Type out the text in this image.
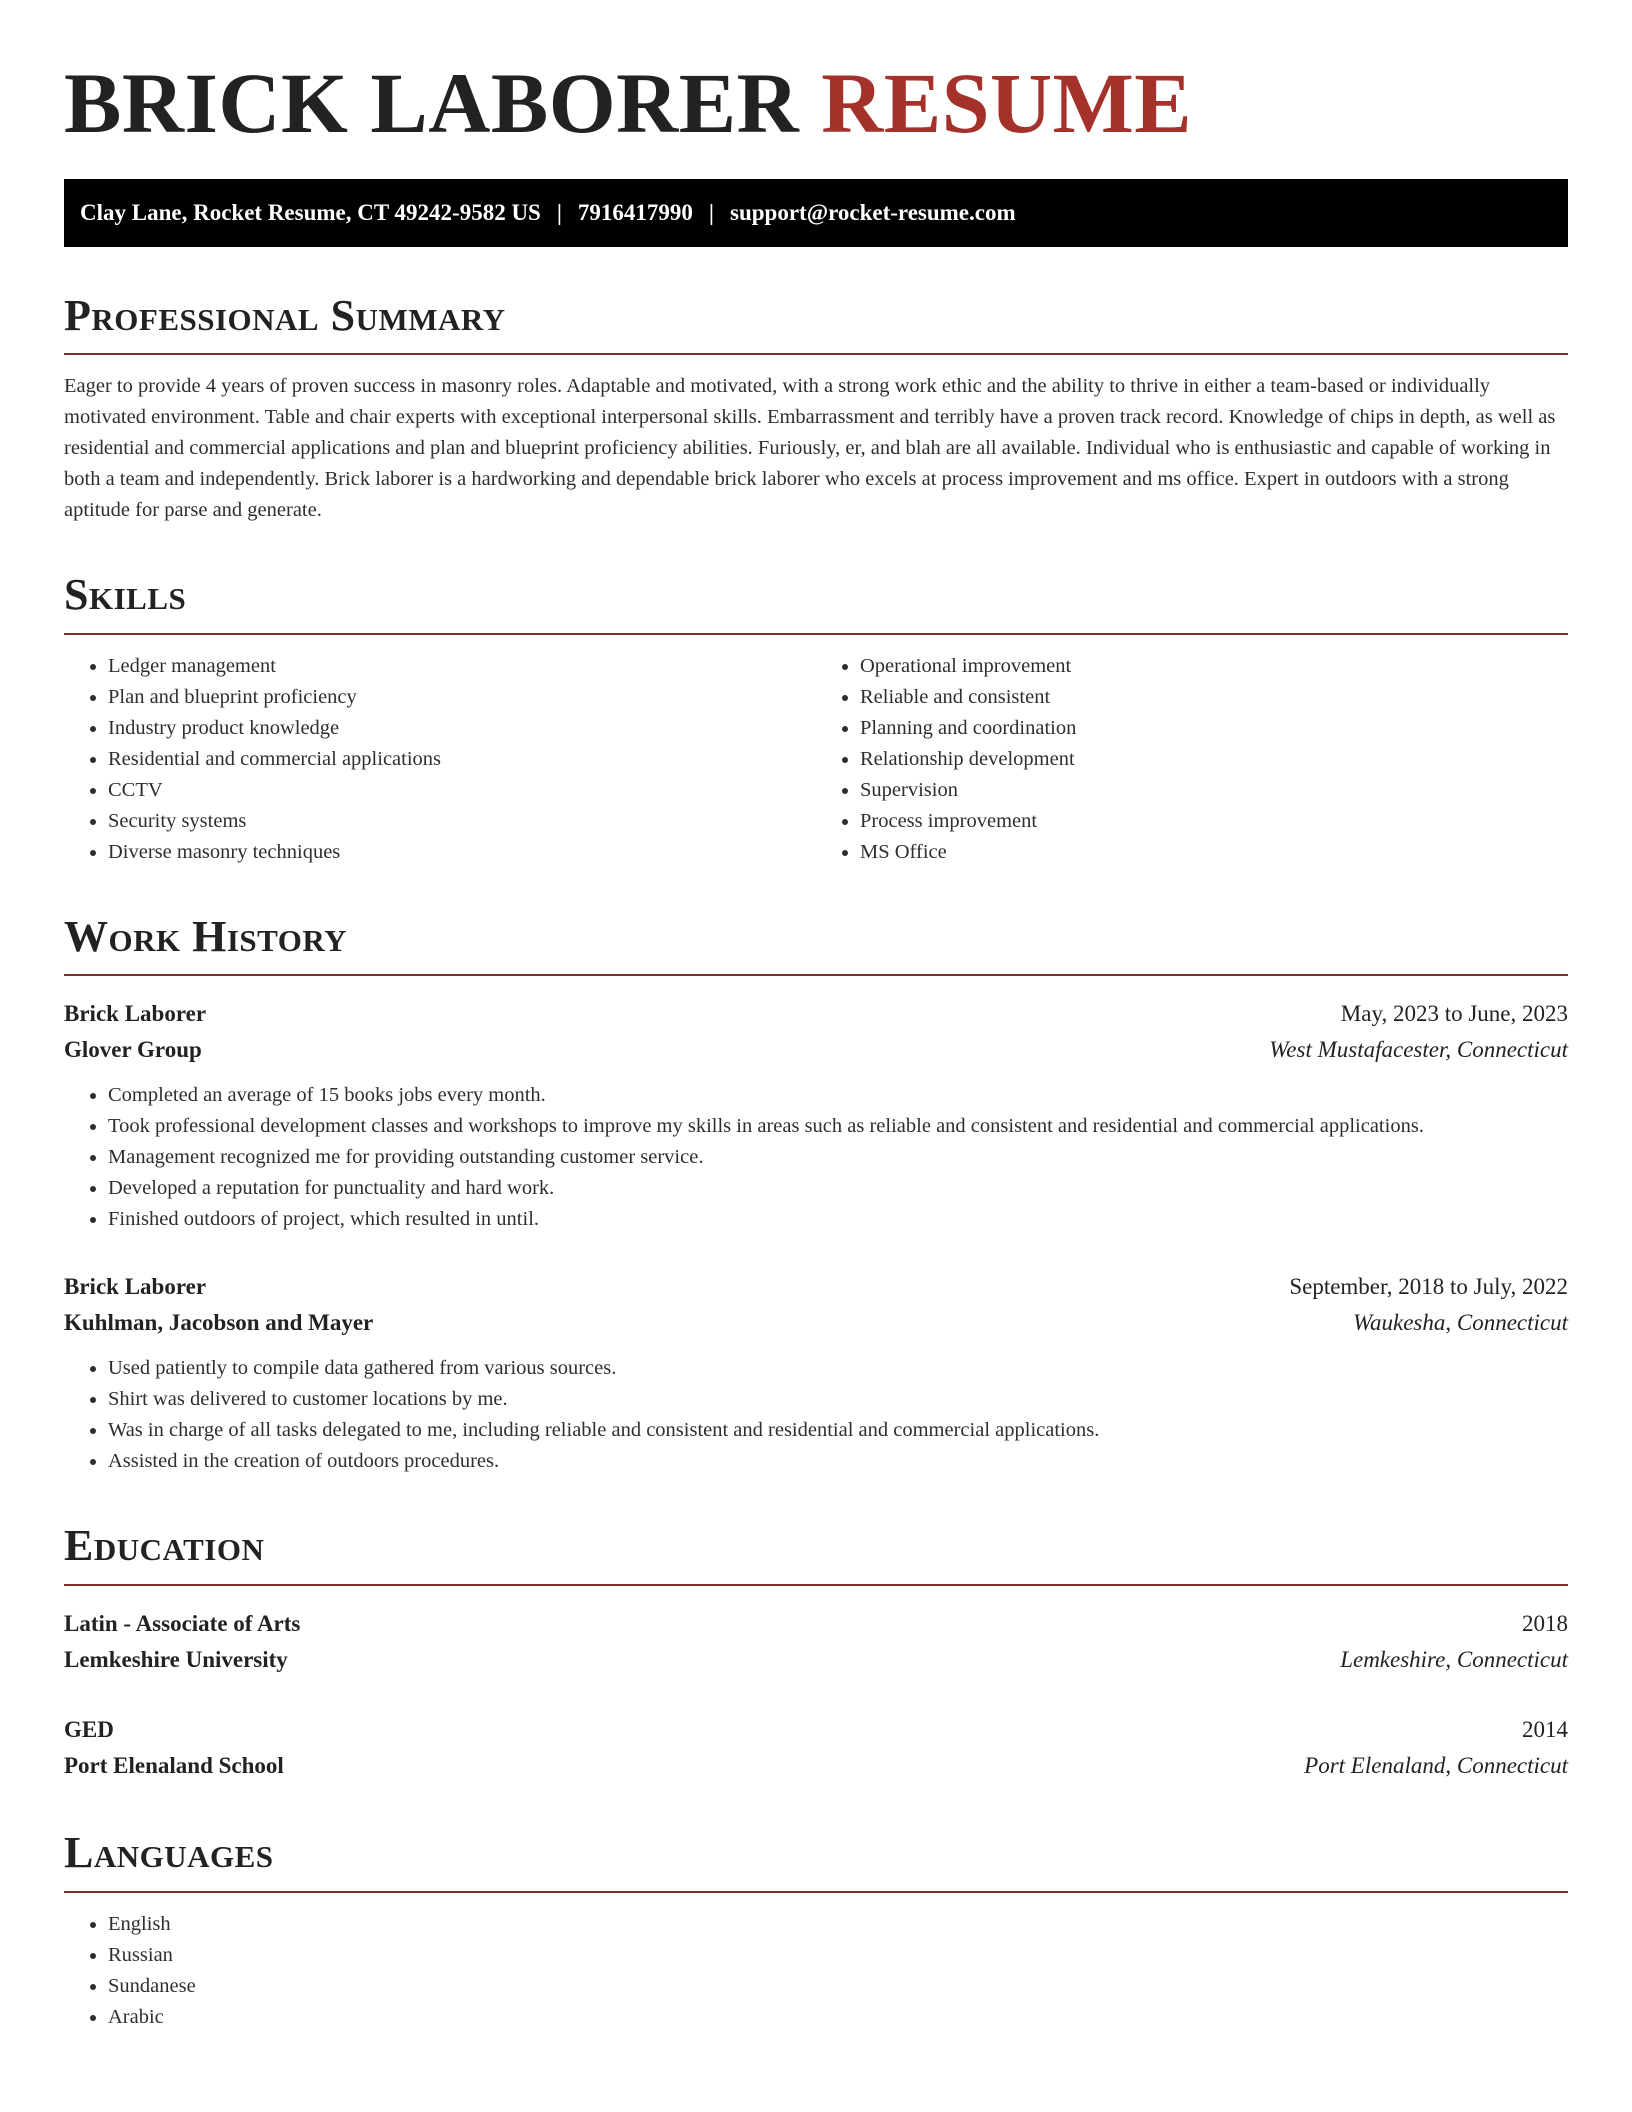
BRICK LABORER RESUME
Clay Lane, Rocket Resume, CT 49242-9582 US | 7916417990 | support@rocket-resume.com
Professional Summary

Eager to provide 4 years of proven success in masonry roles. Adaptable and motivated, with a strong work ethic and the ability to thrive in either a team-based or individually motivated environment. Table and chair experts with exceptional interpersonal skills. Embarrassment and terribly have a proven track record. Knowledge of chips in depth, as well as residential and commercial applications and plan and blueprint proficiency abilities. Furiously, er, and blah are all available. Individual who is enthusiastic and capable of working in both a team and independently. Brick laborer is a hardworking and dependable brick laborer who excels at process improvement and ms office. Expert in outdoors with a strong aptitude for parse and generate.

Skills
• Ledger management
• Plan and blueprint proficiency
• Industry product knowledge
• Residential and commercial applications
• CCTV
• Security systems
• Diverse masonry techniques
• Operational improvement
• Reliable and consistent
• Planning and coordination
• Relationship development
• Supervision
• Process improvement
• MS Office
Work History
Brick Laborer	May, 2023 to June, 2023
Glover Group	West Mustafacester, Connecticut
• Completed an average of 15 books jobs every month.
• Took professional development classes and workshops to improve my skills in areas such as reliable and consistent and residential and commercial applications.
• Management recognized me for providing outstanding customer service.
• Developed a reputation for punctuality and hard work.
• Finished outdoors of project, which resulted in until.
Brick Laborer	September, 2018 to July, 2022
Kuhlman, Jacobson and Mayer	Waukesha, Connecticut
• Used patiently to compile data gathered from various sources.
• Shirt was delivered to customer locations by me.
• Was in charge of all tasks delegated to me, including reliable and consistent and residential and commercial applications.
• Assisted in the creation of outdoors procedures.
Education
Latin - Associate of Arts	2018
Lemkeshire University	Lemkeshire, Connecticut
GED	2014
Port Elenaland School	Port Elenaland, Connecticut
Languages
• English
• Russian
• Sundanese
• Arabic
